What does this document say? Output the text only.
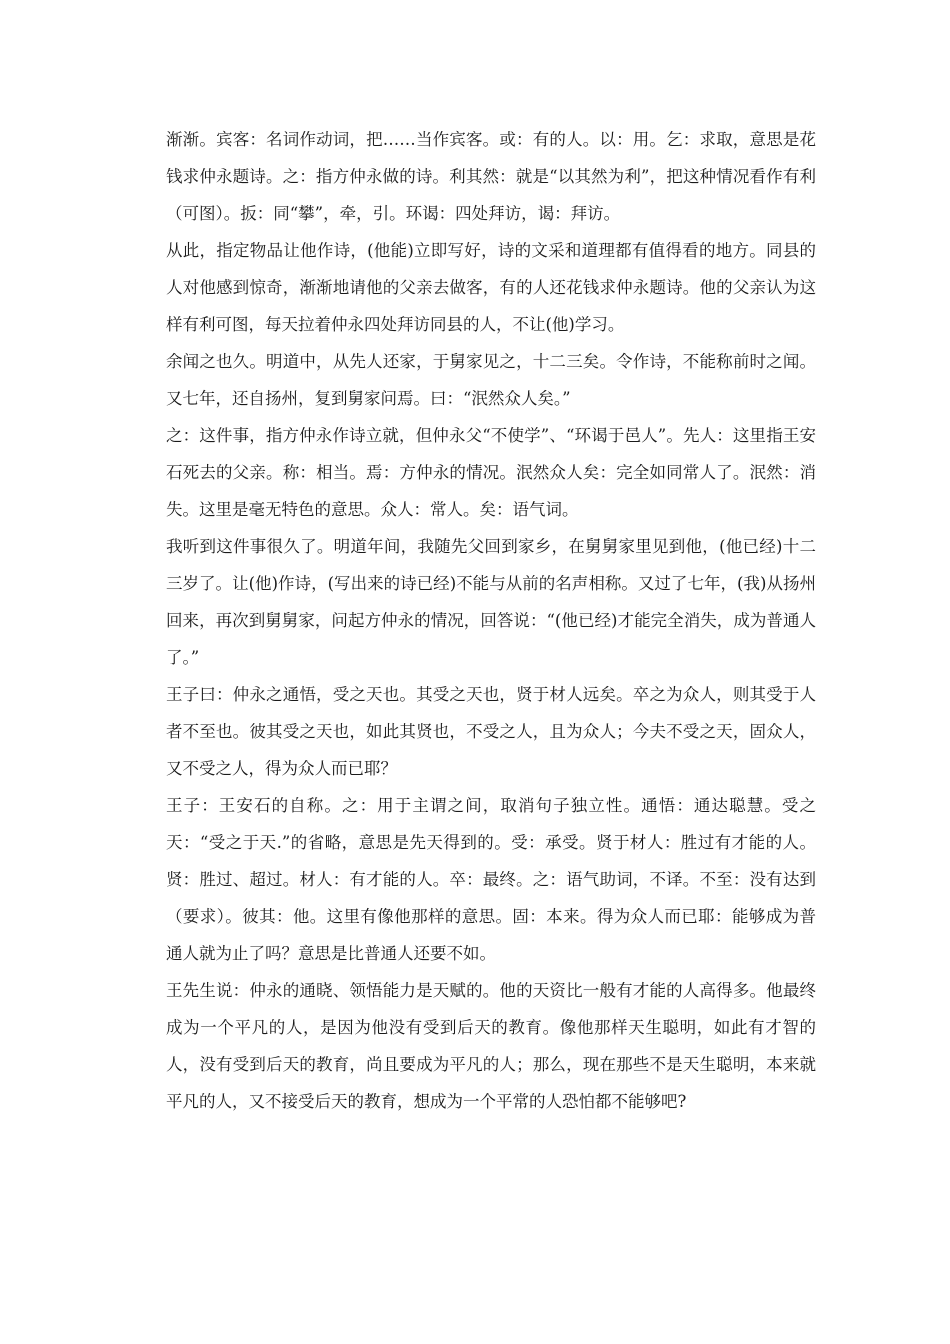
渐渐。宾客：名词作动词，把……当作宾客。或：有的人。以：用。乞：求取，意思是花钱求仲永题诗。之：指方仲永做的诗。利其然：就是“以其然为利”，把这种情况看作有利（可图）。扳：同“攀”，牵，引。环谒：四处拜访，谒：拜访。

从此，指定物品让他作诗，(他能)立即写好，诗的文采和道理都有值得看的地方。同县的人对他感到惊奇，渐渐地请他的父亲去做客，有的人还花钱求仲永题诗。他的父亲认为这样有利可图，每天拉着仲永四处拜访同县的人，不让(他)学习。

余闻之也久。明道中，从先人还家，于舅家见之，十二三矣。令作诗，不能称前时之闻。又七年，还自扬州，复到舅家问焉。曰：“泯然众人矣。”

之：这件事，指方仲永作诗立就，但仲永父“不使学”、“环谒于邑人”。先人：这里指王安石死去的父亲。称：相当。焉：方仲永的情况。泯然众人矣：完全如同常人了。泯然：消失。这里是毫无特色的意思。众人：常人。矣：语气词。

我听到这件事很久了。明道年间，我随先父回到家乡，在舅舅家里见到他，(他已经)十二三岁了。让(他)作诗，(写出来的诗已经)不能与从前的名声相称。又过了七年，(我)从扬州回来，再次到舅舅家，问起方仲永的情况，回答说：“(他已经)才能完全消失，成为普通人了。”

王子曰：仲永之通悟，受之天也。其受之天也，贤于材人远矣。卒之为众人，则其受于人者不至也。彼其受之天也，如此其贤也，不受之人，且为众人；今夫不受之天，固众人，又不受之人，得为众人而已耶？

王子：王安石的自称。之：用于主谓之间，取消句子独立性。通悟：通达聪慧。受之天：“受之于天.”的省略，意思是先天得到的。受：承受。贤于材人：胜过有才能的人。贤：胜过、超过。材人：有才能的人。卒：最终。之：语气助词，不译。不至：没有达到（要求）。彼其：他。这里有像他那样的意思。固：本来。得为众人而已耶：能够成为普通人就为止了吗？意思是比普通人还要不如。

王先生说：仲永的通晓、领悟能力是天赋的。他的天资比一般有才能的人高得多。他最终成为一个平凡的人，是因为他没有受到后天的教育。像他那样天生聪明，如此有才智的人，没有受到后天的教育，尚且要成为平凡的人；那么，现在那些不是天生聪明，本来就平凡的人，又不接受后天的教育，想成为一个平常的人恐怕都不能够吧?
